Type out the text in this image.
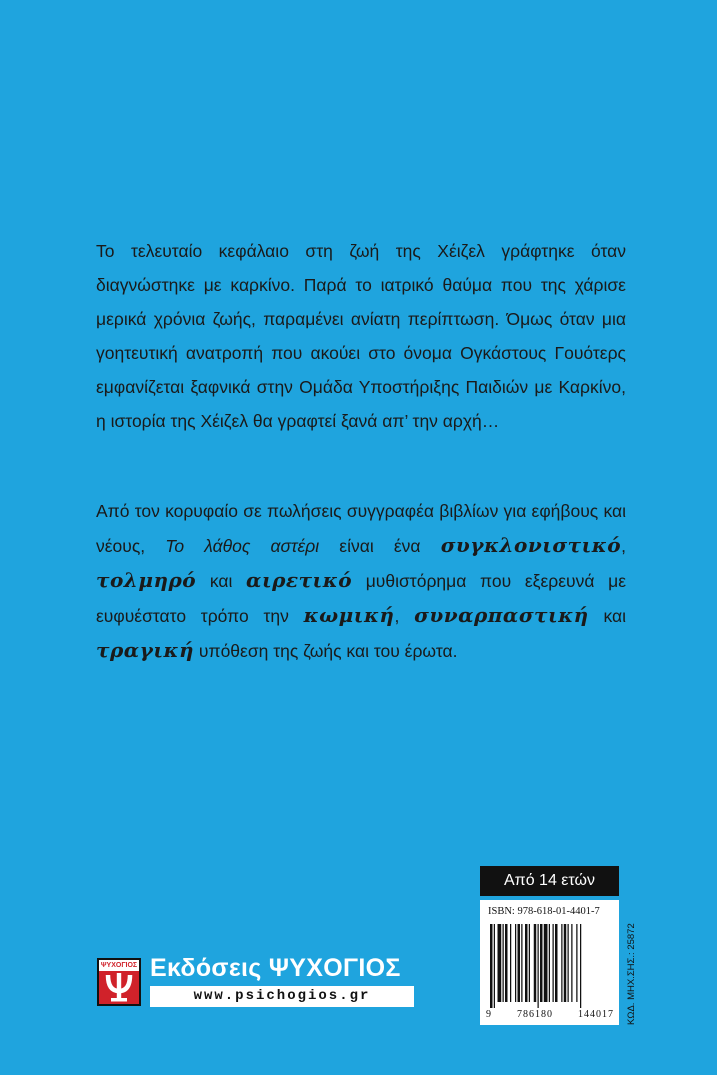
Το τελευταίο κεφάλαιο στη ζωή της Χέιζελ γράφτηκε όταν διαγνώστηκε με καρκίνο. Παρά το ιατρικό θαύμα που της χάρισε μερικά χρόνια ζωής, παραμένει ανίατη περίπτωση. Όμως όταν μια γοητευτική ανατροπή που ακούει στο όνομα Ογκάστους Γουότερς εμφανίζεται ξαφνικά στην Ομάδα Υποστήριξης Παιδιών με Καρκίνο, η ιστορία της Χέιζελ θα γραφτεί ξανά απ’ την αρχή…

Από τον κορυφαίο σε πωλήσεις συγγραφέα βιβλίων για εφήβους και νέους, Το λάθος αστέρι είναι ένα συγκλονιστικό, τολμηρό και αιρετικό μυθιστόρημα που εξερευνά με ευφυέστατο τρόπο την κωμική, συναρπαστική και τραγική υπόθεση της ζωής και του έρωτα.

Από 14 ετών
ISBN: 978-618-01-4401-7
9	786180	144017 ΚΩΔ. ΜΗΧ.ΣΗΣ.: 25872
ΨΥΧΟΓΙΟΣ Εκδόσεις ΨΥΧΟΓΙΟΣ
www.psichogios.gr
